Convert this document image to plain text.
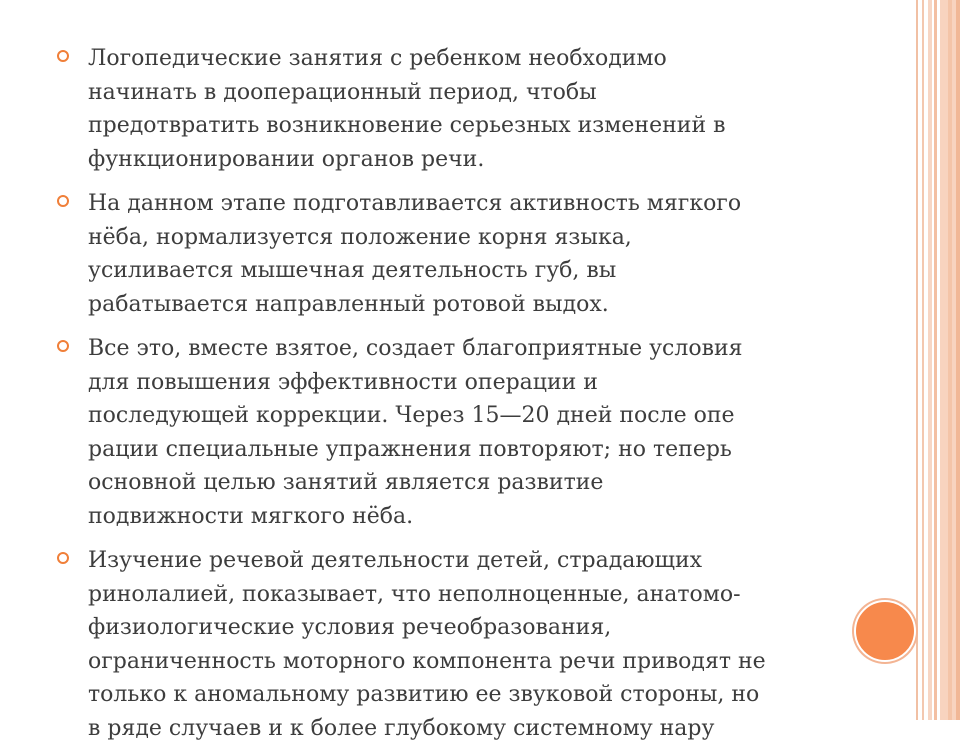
Логопедические занятия с ребенком необходимо
начинать в дооперационный период, чтобы
предотвратить возникновение серьезных изменений в
функционировании органов речи.
На данном этапе подготавливается активность мягкого
нёба, нормализуется положение корня языка,
усиливается мышечная деятельность губ, вы
рабатывается направленный ротовой выдох.
Все это, вместе взятое, создает благоприятные условия
для повышения эффективности операции и
последующей коррекции. Через 15—20 дней после опе
рации специальные упражнения повторяют; но теперь
основной целью занятий является развитие
подвижности мягкого нёба.
Изучение речевой деятельности детей, страдающих
ринолалией, показывает, что неполноценные, анатомо-
физиологические условия речеобразования,
ограниченность моторного компонента речи приводят не
только к аномальному развитию ее звуковой стороны, но
в ряде случаев и к более глубокому системному нару
